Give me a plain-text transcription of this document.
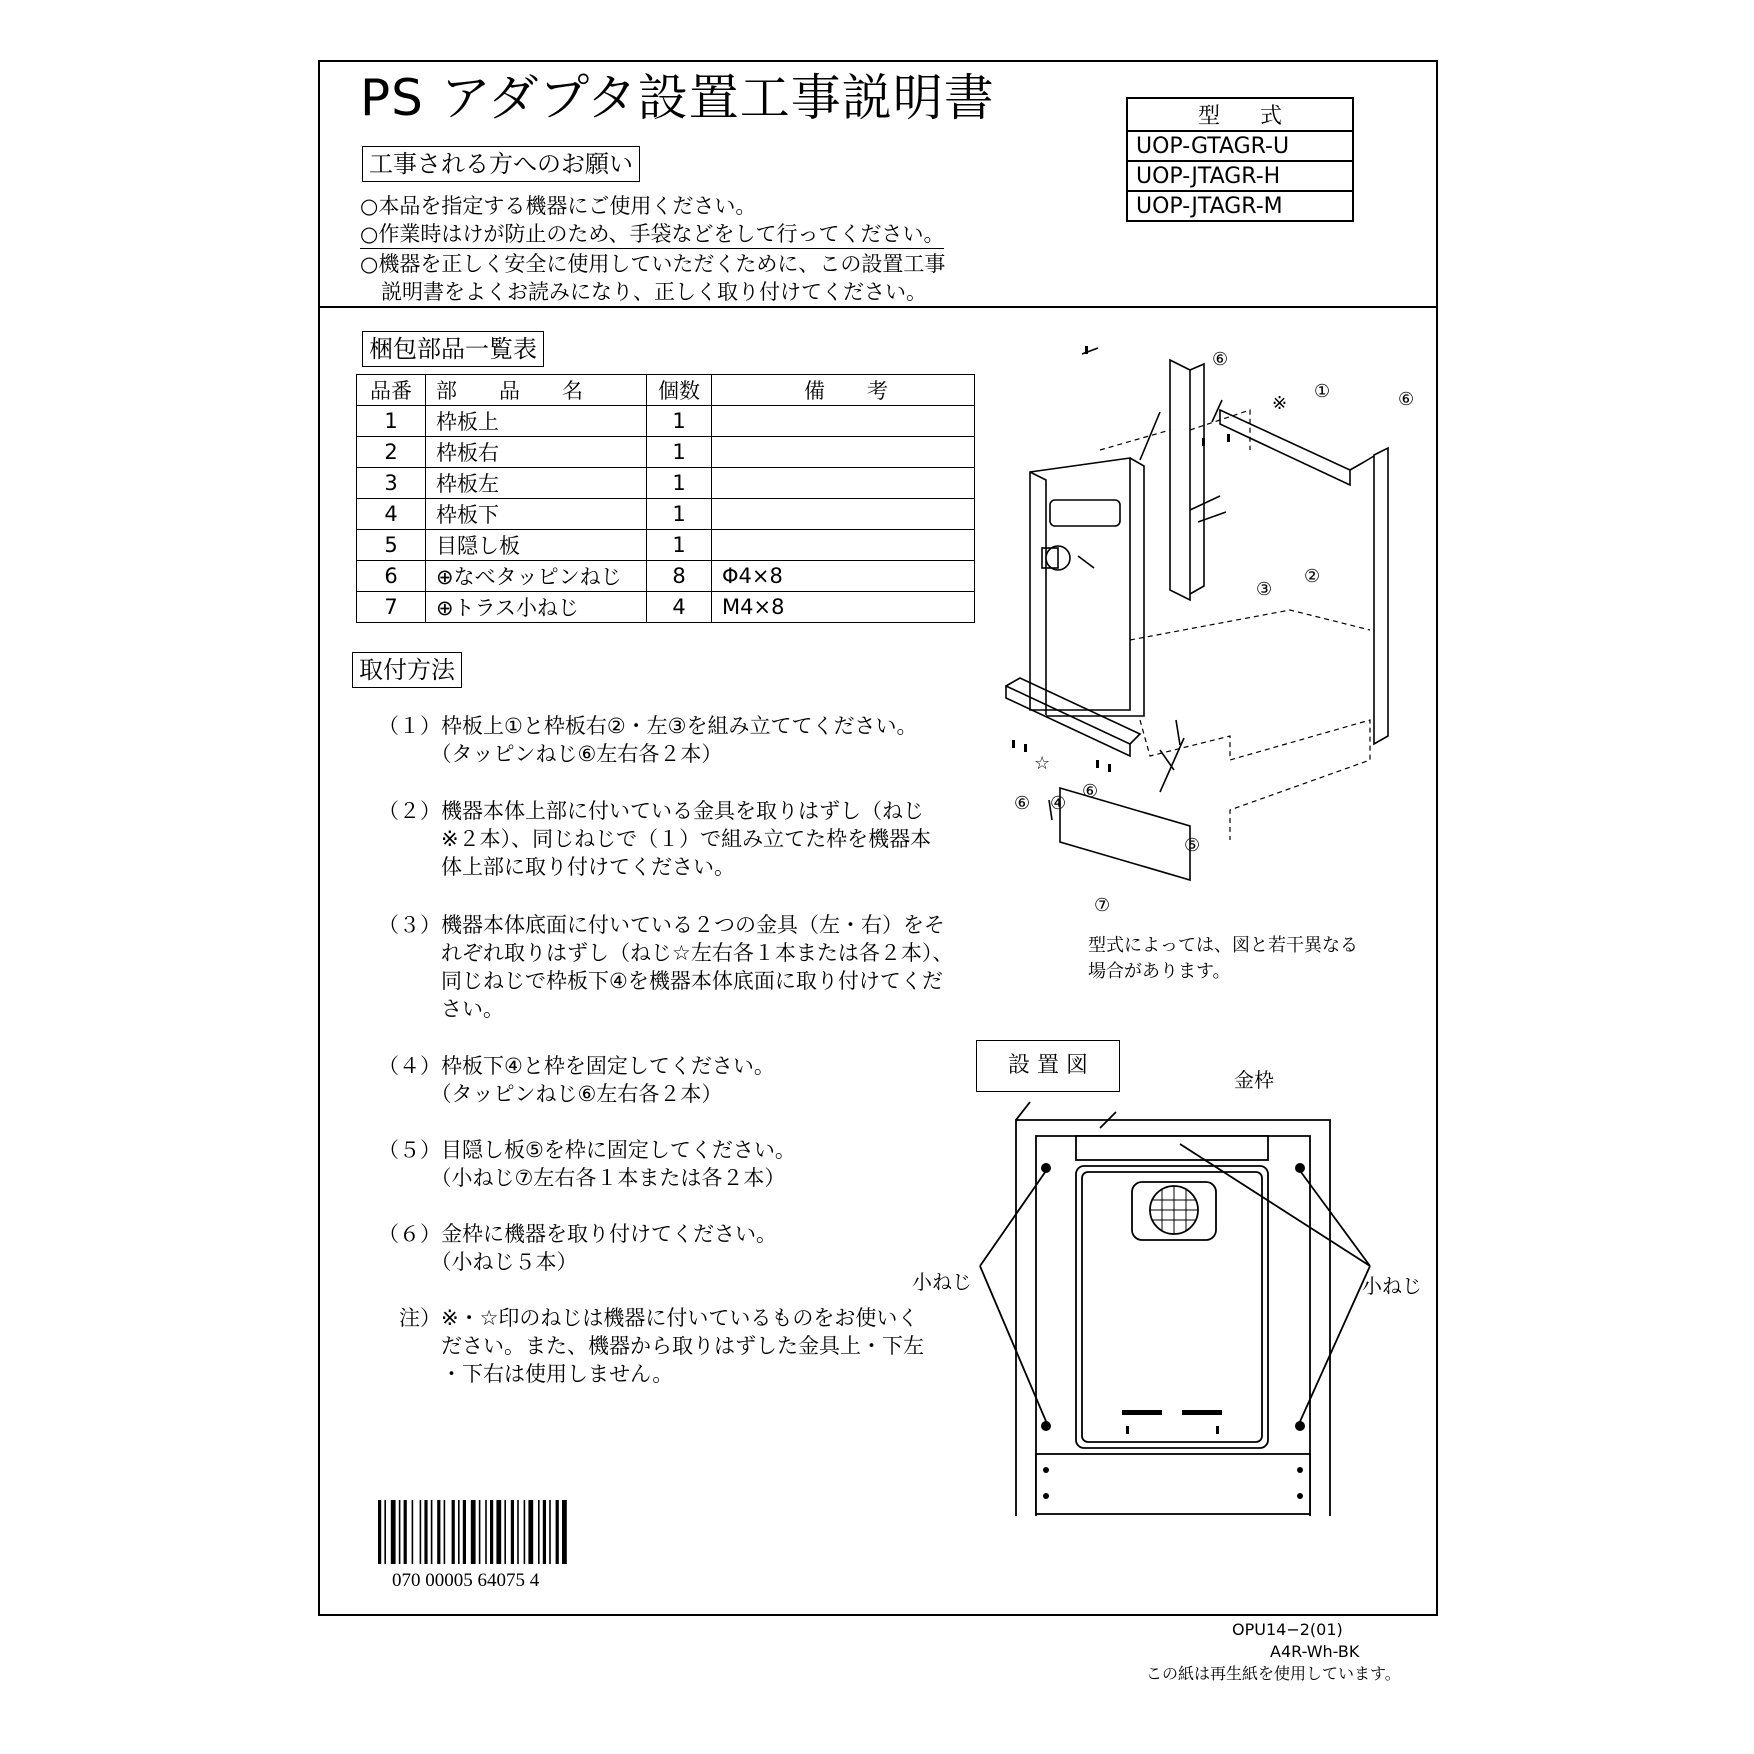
PS アダプタ設置工事説明書	型式
UOP-GTAGR-U
UOP-JTAGR-H
UOP-JTAGR-M
工事される方へのお願い
○本品を指定する機器にご使用ください。
○作業時はけが防止のため、手袋などをして行ってください。
○機器を正しく安全に使用していただくために、この設置工事
　説明書をよくお読みになり、正しく取り付けてください。
梱包部品一覧表
品番	部　　品　　名	個数	備　　考
1	枠板上	1	
2	枠板右	1	
3	枠板左	1	
4	枠板下	1	
5	目隠し板	1	
6	⊕なべタッピンねじ	8	Φ4×8
7	⊕トラス小ねじ	4	M4×8
取付方法
（１）枠板上①と枠板右②・左③を組み立ててください。
　　　（タッピンねじ⑥左右各２本）
（２）機器本体上部に付いている金具を取りはずし（ねじ
　　　※２本）、同じねじで（１）で組み立てた枠を機器本
　　　体上部に取り付けてください。
（３）機器本体底面に付いている２つの金具（左・右）をそ
　　　れぞれ取りはずし（ねじ☆左右各１本または各２本）、
　　　同じねじで枠板下④を機器本体底面に取り付けてくだ
　　　さい。
（４）枠板下④と枠を固定してください。
　　　（タッピンねじ⑥左右各２本）
（５）目隠し板⑤を枠に固定してください。
　　　（小ねじ⑦左右各１本または各２本）
（６）金枠に機器を取り付けてください。
　　　（小ねじ５本）
　注）※・☆印のねじは機器に付いているものをお使いく
　　　ださい。また、機器から取りはずした金具上・下左
　　　・下右は使用しません。
⑥
①
※	⑥
③
②
⑥
☆
④
⑥
⑤
⑦
型式によっては、図と若干異なる
場合があります。
設 置 図
金枠
小ねじ	小ねじ
070 00005 64075 4
OPU14−2(01)
A4R-Wh-BK
この紙は再生紙を使用しています。
